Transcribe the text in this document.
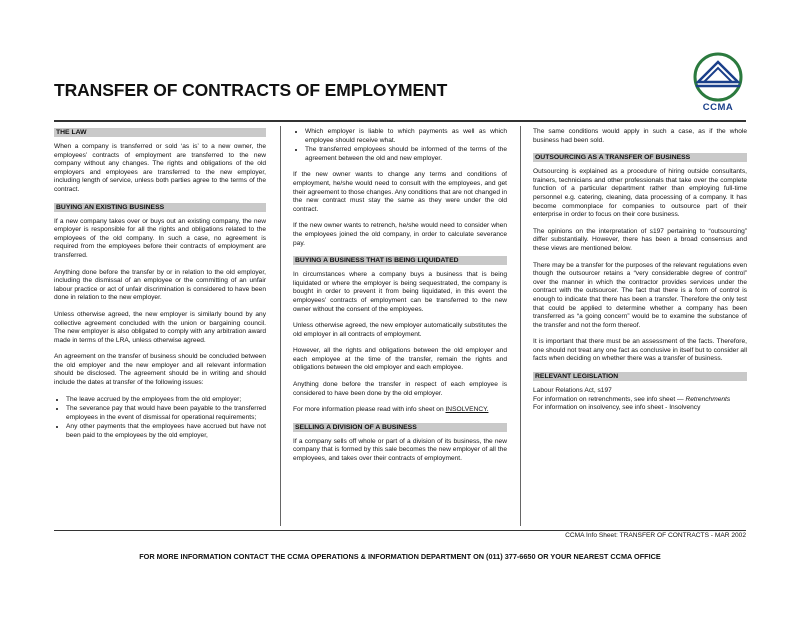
TRANSFER OF CONTRACTS OF EMPLOYMENT
CCMA
THE LAW

When a company is transferred or sold ‘as is’ to a new owner, the employees’ contracts of employment are transferred to the new company without any changes. The rights and obligations of the old employers and employees are transferred to the new employer, including length of service, unless both parties agree to the terms of the contract.

BUYING AN EXISTING BUSINESS

If a new company takes over or buys out an existing company, the new employer is responsible for all the rights and obligations related to the employees of the old company. In such a case, no agreement is required from the employees before their contracts of employment are transferred.

Anything done before the transfer by or in relation to the old employer, including the dismissal of an employee or the committing of an unfair labour practice or act of unfair discrimination is considered to have been done in relation to the new employer.

Unless otherwise agreed, the new employer is similarly bound by any collective agreement concluded with the union or bargaining council. The new employer is also obligated to comply with any arbitration award made in terms of the LRA, unless otherwise agreed.

An agreement on the transfer of business should be concluded between the old employer and the new employer and all relevant information should be disclosed. The agreement should be in writing and should include the dates at transfer of the following issues:

• The leave accrued by the employees from the old employer;
• The severance pay that would have been payable to the transferred employees in the event of dismissal for operational requirements;
• Any other payments that the employees have accrued but have not been paid to the employees by the old employer,
• Which employer is liable to which payments as well as which employee should receive what.
• The transferred employees should be informed of the terms of the agreement between the old and new employer.

If the new owner wants to change any terms and conditions of employment, he/she would need to consult with the employees, and get their agreement to those changes. Any conditions that are not changed in the new contract must stay the same as they were under the old contract.

If the new owner wants to retrench, he/she would need to consider when the employees joined the old company, in order to calculate severance pay.

BUYING A BUSINESS THAT IS BEING LIQUIDATED

In circumstances where a company buys a business that is being liquidated or where the employer is being sequestrated, the company is bought in order to prevent it from being liquidated, in this event the employees’ contracts of employment can be transferred to the new owner without the consent of the employees.

Unless otherwise agreed, the new employer automatically substitutes the old employer in all contracts of employment.

However, all the rights and obligations between the old employer and each employee at the time of the transfer, remain the rights and obligations between the old employer and each employee.

Anything done before the transfer in respect of each employee is considered to have been done by the old employer.

For more information please read with info sheet on INSOLVENCY.

SELLING A DIVISION OF A BUSINESS

If a company sells off whole or part of a division of its business, the new company that is formed by this sale becomes the new employer of all the employees, and takes over their contracts of employment.

The same conditions would apply in such a case, as if the whole business had been sold.

OUTSOURCING AS A TRANSFER OF BUSINESS

Outsourcing is explained as a procedure of hiring outside consultants, trainers, technicians and other professionals that take over the complete function of a particular department rather than employing full-time personnel e.g. catering, cleaning, data processing of a company. It has become commonplace for companies to outsource part of their enterprise in order to focus on their core business.

The opinions on the interpretation of s197 pertaining to “outsourcing” differ substantially. However, there has been a broad consensus and these views are mentioned below.

There may be a transfer for the purposes of the relevant regulations even though the outsourcer retains a “very considerable degree of control” over the manner in which the contractor provides services under the contract with the outsourcer. The fact that there is a form of control is enough to indicate that there has been a transfer. Therefore the only test that could be applied to determine whether a company has been transferred as “a going concern” would be to examine the substance of the transfer and not the form thereof.

It is important that there must be an assessment of the facts. Therefore, one should not treat any one fact as conclusive in itself but to consider all facts when deciding on whether there was a transfer of business.

RELEVANT LEGISLATION
Labour Relations Act, s197
For information on retrenchments, see info sheet — Retrenchments
For information on insolvency, see info sheet - Insolvency
CCMA Info Sheet: TRANSFER OF CONTRACTS - MAR 2002
FOR MORE INFORMATION CONTACT THE CCMA OPERATIONS & INFORMATION DEPARTMENT ON (011) 377-6650 OR YOUR NEAREST CCMA OFFICE
